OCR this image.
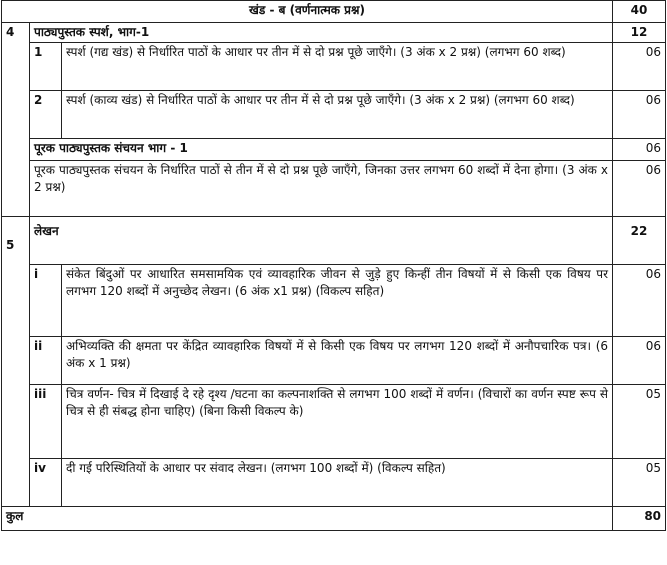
खंड - ब (वर्णनात्मक प्रश्न)			40
4	पाठ्यपुस्तक स्पर्श, भाग-1		12
	1	स्पर्श (गद्य खंड) से निर्धारित पाठों के आधार पर तीन में से दो प्रश्न पूछे जाएँगे। (3 अंक x 2 प्रश्न) (लगभग 60 शब्द)	06
	2	स्पर्श (काव्य खंड) से निर्धारित पाठों के आधार पर तीन में से दो प्रश्न पूछे जाएँगे। (3 अंक x 2 प्रश्न) (लगभग 60 शब्द)	06
	पूरक पाठ्यपुस्तक संचयन भाग - 1		06
	पूरक पाठ्यपुस्तक संचयन के निर्धारित पाठों से तीन में से दो प्रश्न पूछे जाएँगे, जिनका उत्तर लगभग 60 शब्दों में देना होगा। (3 अंक x 2 प्रश्न)		06
5	लेखन		22
	i	संकेत बिंदुओं पर आधारित समसामयिक एवं व्यावहारिक जीवन से जुड़े हुए किन्हीं तीन विषयों में से किसी एक विषय पर लगभग 120 शब्दों में अनुच्छेद लेखन। (6 अंक x1 प्रश्न) (विकल्प सहित)	06
	ii	अभिव्यक्ति की क्षमता पर केंद्रित व्यावहारिक विषयों में से किसी एक विषय पर लगभग 120 शब्दों में अनौपचारिक पत्र। (6 अंक x 1 प्रश्न)	06
	iii	चित्र वर्णन- चित्र में दिखाई दे रहे दृश्य /घटना का कल्पनाशक्ति से लगभग 100 शब्दों में वर्णन। (विचारों का वर्णन स्पष्ट रूप से चित्र से ही संबद्ध होना चाहिए) (बिना किसी विकल्प के)	05
	iv	दी गई परिस्थितियों के आधार पर संवाद लेखन। (लगभग 100 शब्दों में) (विकल्प सहित)	05
कुल			80
